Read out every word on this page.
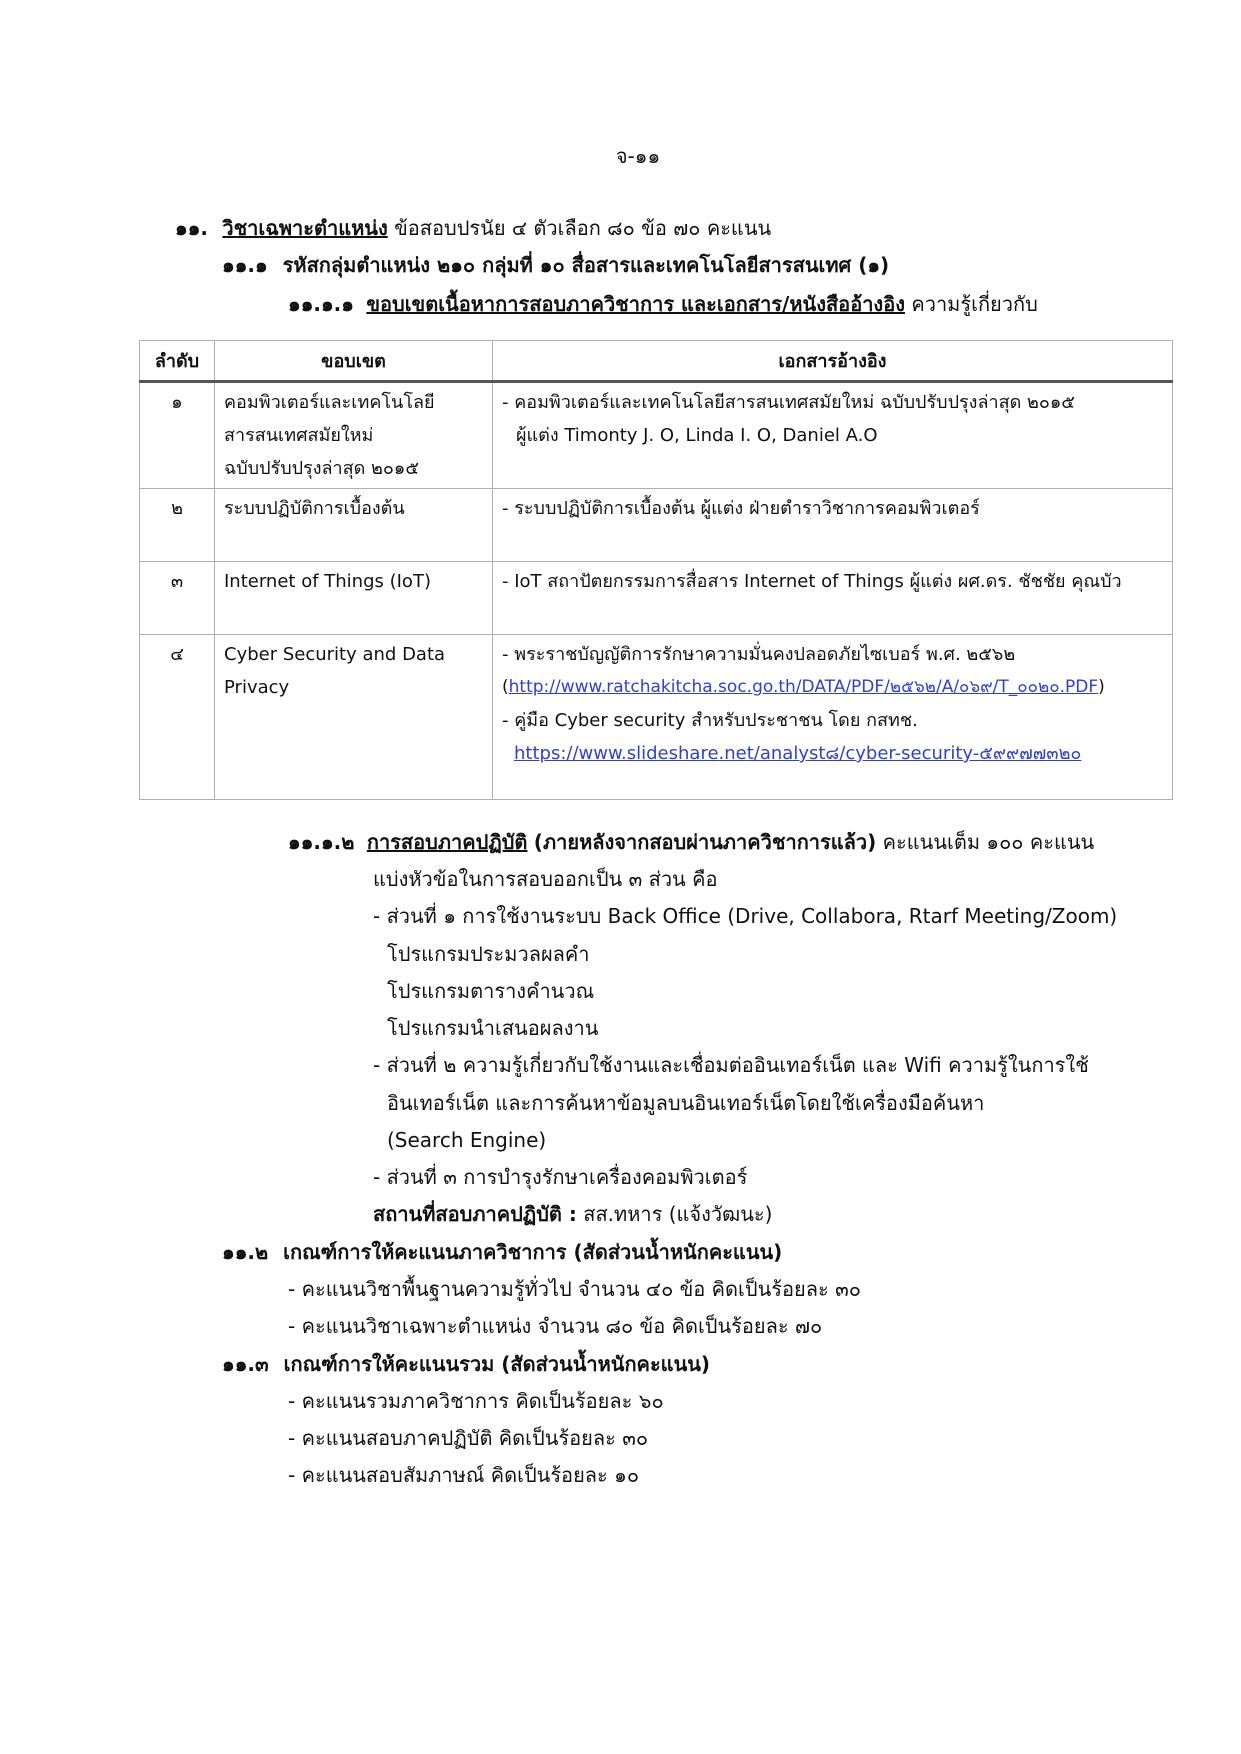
จ-๑๑
๑๑. วิชาเฉพาะตำแหน่ง ข้อสอบปรนัย ๔ ตัวเลือก ๘๐ ข้อ ๗๐ คะแนน
๑๑.๑ รหัสกลุ่มตำแหน่ง ๒๑๐ กลุ่มที่ ๑๐ สื่อสารและเทคโนโลยีสารสนเทศ (๑)
๑๑.๑.๑ ขอบเขตเนื้อหาการสอบภาควิชาการ และเอกสาร/หนังสืออ้างอิง ความรู้เกี่ยวกับ
ลำดับ	ขอบเขต	เอกสารอ้างอิง
๑	คอมพิวเตอร์และเทคโนโลยี
สารสนเทศสมัยใหม่
ฉบับปรับปรุงล่าสุด ๒๐๑๕	- คอมพิวเตอร์และเทคโนโลยีสารสนเทศสมัยใหม่ ฉบับปรับปรุงล่าสุด ๒๐๑๕
ผู้แต่ง Timonty J. O, Linda I. O, Daniel A.O

๒	ระบบปฏิบัติการเบื้องต้น	- ระบบปฏิบัติการเบื้องต้น ผู้แต่ง ฝ่ายตำราวิชาการคอมพิวเตอร์

๓	Internet of Things (IoT)	- IoT สถาปัตยกรรมการสื่อสาร Internet of Things ผู้แต่ง ผศ.ดร. ชัชชัย คุณบัว

๔	Cyber Security and Data
Privacy	- พระราชบัญญัติการรักษาความมั่นคงปลอดภัยไซเบอร์ พ.ศ. ๒๕๖๒
(http://www.ratchakitcha.soc.go.th/DATA/PDF/๒๕๖๒/A/๐๖๙/T_๐๐๒๐.PDF)
- คู่มือ Cyber security สำหรับประชาชน โดย กสทช.
https://www.slideshare.net/analyst๘/cyber-security-๕๙๙๗๗๓๒๐
๑๑.๑.๒ การสอบภาคปฏิบัติ (ภายหลังจากสอบผ่านภาควิชาการแล้ว) คะแนนเต็ม ๑๐๐ คะแนน
แบ่งหัวข้อในการสอบออกเป็น ๓ ส่วน คือ
- ส่วนที่ ๑ การใช้งานระบบ Back Office (Drive, Collabora, Rtarf Meeting/Zoom)
โปรแกรมประมวลผลคำ
โปรแกรมตารางคำนวณ
โปรแกรมนำเสนอผลงาน
- ส่วนที่ ๒ ความรู้เกี่ยวกับใช้งานและเชื่อมต่ออินเทอร์เน็ต และ Wifi ความรู้ในการใช้
อินเทอร์เน็ต และการค้นหาข้อมูลบนอินเทอร์เน็ตโดยใช้เครื่องมือค้นหา
(Search Engine)
- ส่วนที่ ๓ การบำรุงรักษาเครื่องคอมพิวเตอร์
สถานที่สอบภาคปฏิบัติ : สส.ทหาร (แจ้งวัฒนะ)
๑๑.๒ เกณฑ์การให้คะแนนภาควิชาการ (สัดส่วนน้ำหนักคะแนน)
- คะแนนวิชาพื้นฐานความรู้ทั่วไป จำนวน ๔๐ ข้อ คิดเป็นร้อยละ ๓๐
- คะแนนวิชาเฉพาะตำแหน่ง จำนวน ๘๐ ข้อ คิดเป็นร้อยละ ๗๐
๑๑.๓ เกณฑ์การให้คะแนนรวม (สัดส่วนน้ำหนักคะแนน)
- คะแนนรวมภาควิชาการ คิดเป็นร้อยละ ๖๐
- คะแนนสอบภาคปฏิบัติ คิดเป็นร้อยละ ๓๐
- คะแนนสอบสัมภาษณ์ คิดเป็นร้อยละ ๑๐
